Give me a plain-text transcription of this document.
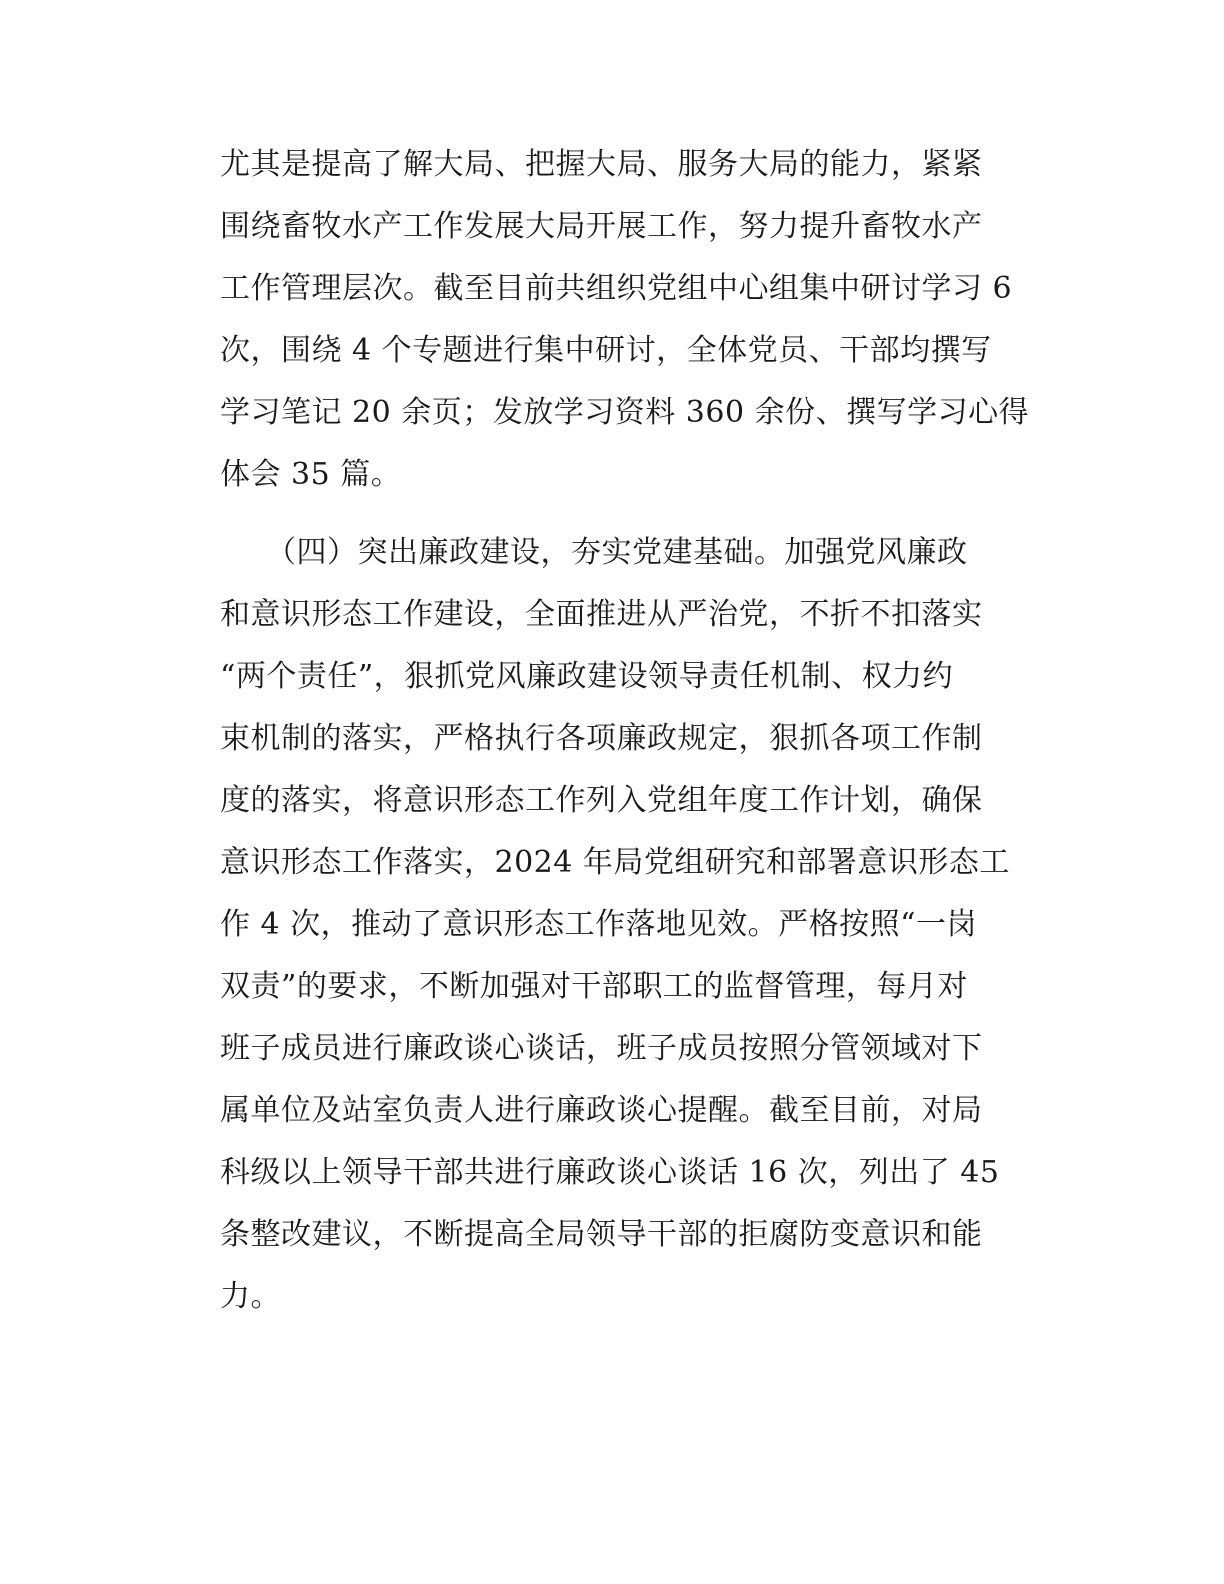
尤其是提高了解大局、把握大局、服务大局的能力，紧紧
围绕畜牧水产工作发展大局开展工作，努力提升畜牧水产
工作管理层次。截至目前共组织党组中心组集中研讨学习 6
次，围绕 4 个专题进行集中研讨，全体党员、干部均撰写
学习笔记 20 余页；发放学习资料 360 余份、撰写学习心得
体会 35 篇。
　　（四）突出廉政建设，夯实党建基础。加强党风廉政
和意识形态工作建设，全面推进从严治党，不折不扣落实
“两个责任”，狠抓党风廉政建设领导责任机制、权力约
束机制的落实，严格执行各项廉政规定，狠抓各项工作制
度的落实，将意识形态工作列入党组年度工作计划，确保
意识形态工作落实，2024 年局党组研究和部署意识形态工
作 4 次，推动了意识形态工作落地见效。严格按照“一岗
双责”的要求，不断加强对干部职工的监督管理，每月对
班子成员进行廉政谈心谈话，班子成员按照分管领域对下
属单位及站室负责人进行廉政谈心提醒。截至目前，对局
科级以上领导干部共进行廉政谈心谈话 16 次，列出了 45
条整改建议，不断提高全局领导干部的拒腐防变意识和能
力。
